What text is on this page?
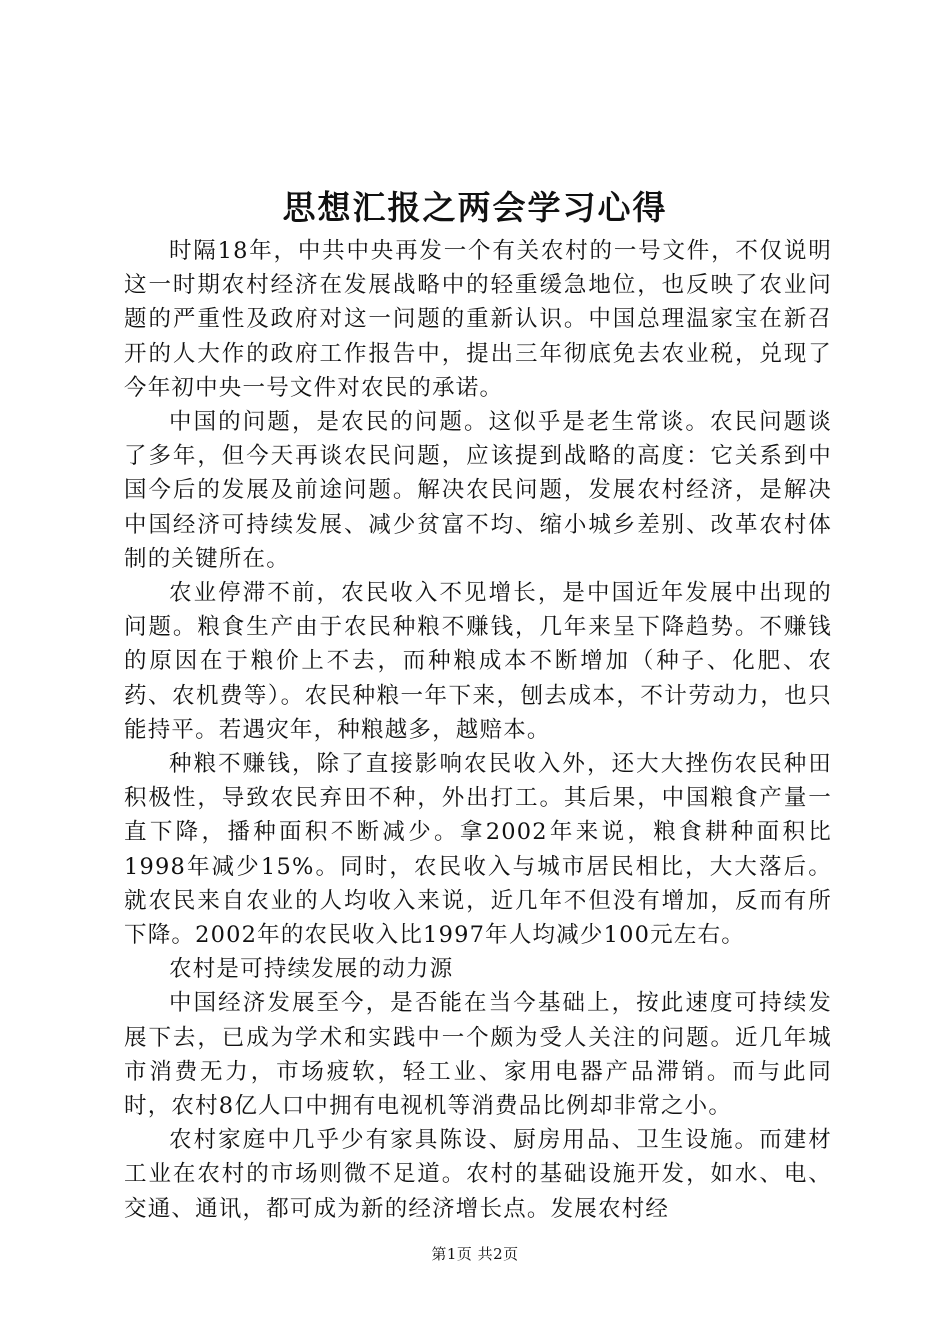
思想汇报之两会学习心得

时隔18年，中共中央再发一个有关农村的一号文件，不仅说明这一时期农村经济在发展战略中的轻重缓急地位，也反映了农业问题的严重性及政府对这一问题的重新认识。中国总理温家宝在新召开的人大作的政府工作报告中，提出三年彻底免去农业税，兑现了今年初中央一号文件对农民的承诺。

中国的问题，是农民的问题。这似乎是老生常谈。农民问题谈了多年，但今天再谈农民问题，应该提到战略的高度：它关系到中国今后的发展及前途问题。解决农民问题，发展农村经济，是解决中国经济可持续发展、减少贫富不均、缩小城乡差别、改革农村体制的关键所在。

农业停滞不前，农民收入不见增长，是中国近年发展中出现的问题。粮食生产由于农民种粮不赚钱，几年来呈下降趋势。不赚钱的原因在于粮价上不去，而种粮成本不断增加（种子、化肥、农药、农机费等）。农民种粮一年下来，刨去成本，不计劳动力，也只能持平。若遇灾年，种粮越多，越赔本。

种粮不赚钱，除了直接影响农民收入外，还大大挫伤农民种田积极性，导致农民弃田不种，外出打工。其后果，中国粮食产量一直下降，播种面积不断减少。拿2002年来说，粮食耕种面积比1998年减少15%。同时，农民收入与城市居民相比，大大落后。就农民来自农业的人均收入来说，近几年不但没有增加，反而有所下降。2002年的农民收入比1997年人均减少100元左右。

农村是可持续发展的动力源

中国经济发展至今，是否能在当今基础上，按此速度可持续发展下去，已成为学术和实践中一个颇为受人关注的问题。近几年城市消费无力，市场疲软，轻工业、家用电器产品滞销。而与此同时，农村8亿人口中拥有电视机等消费品比例却非常之小。

农村家庭中几乎少有家具陈设、厨房用品、卫生设施。而建材工业在农村的市场则微不足道。农村的基础设施开发，如水、电、交通、通讯，都可成为新的经济增长点。发展农村经

第1页 共2页
